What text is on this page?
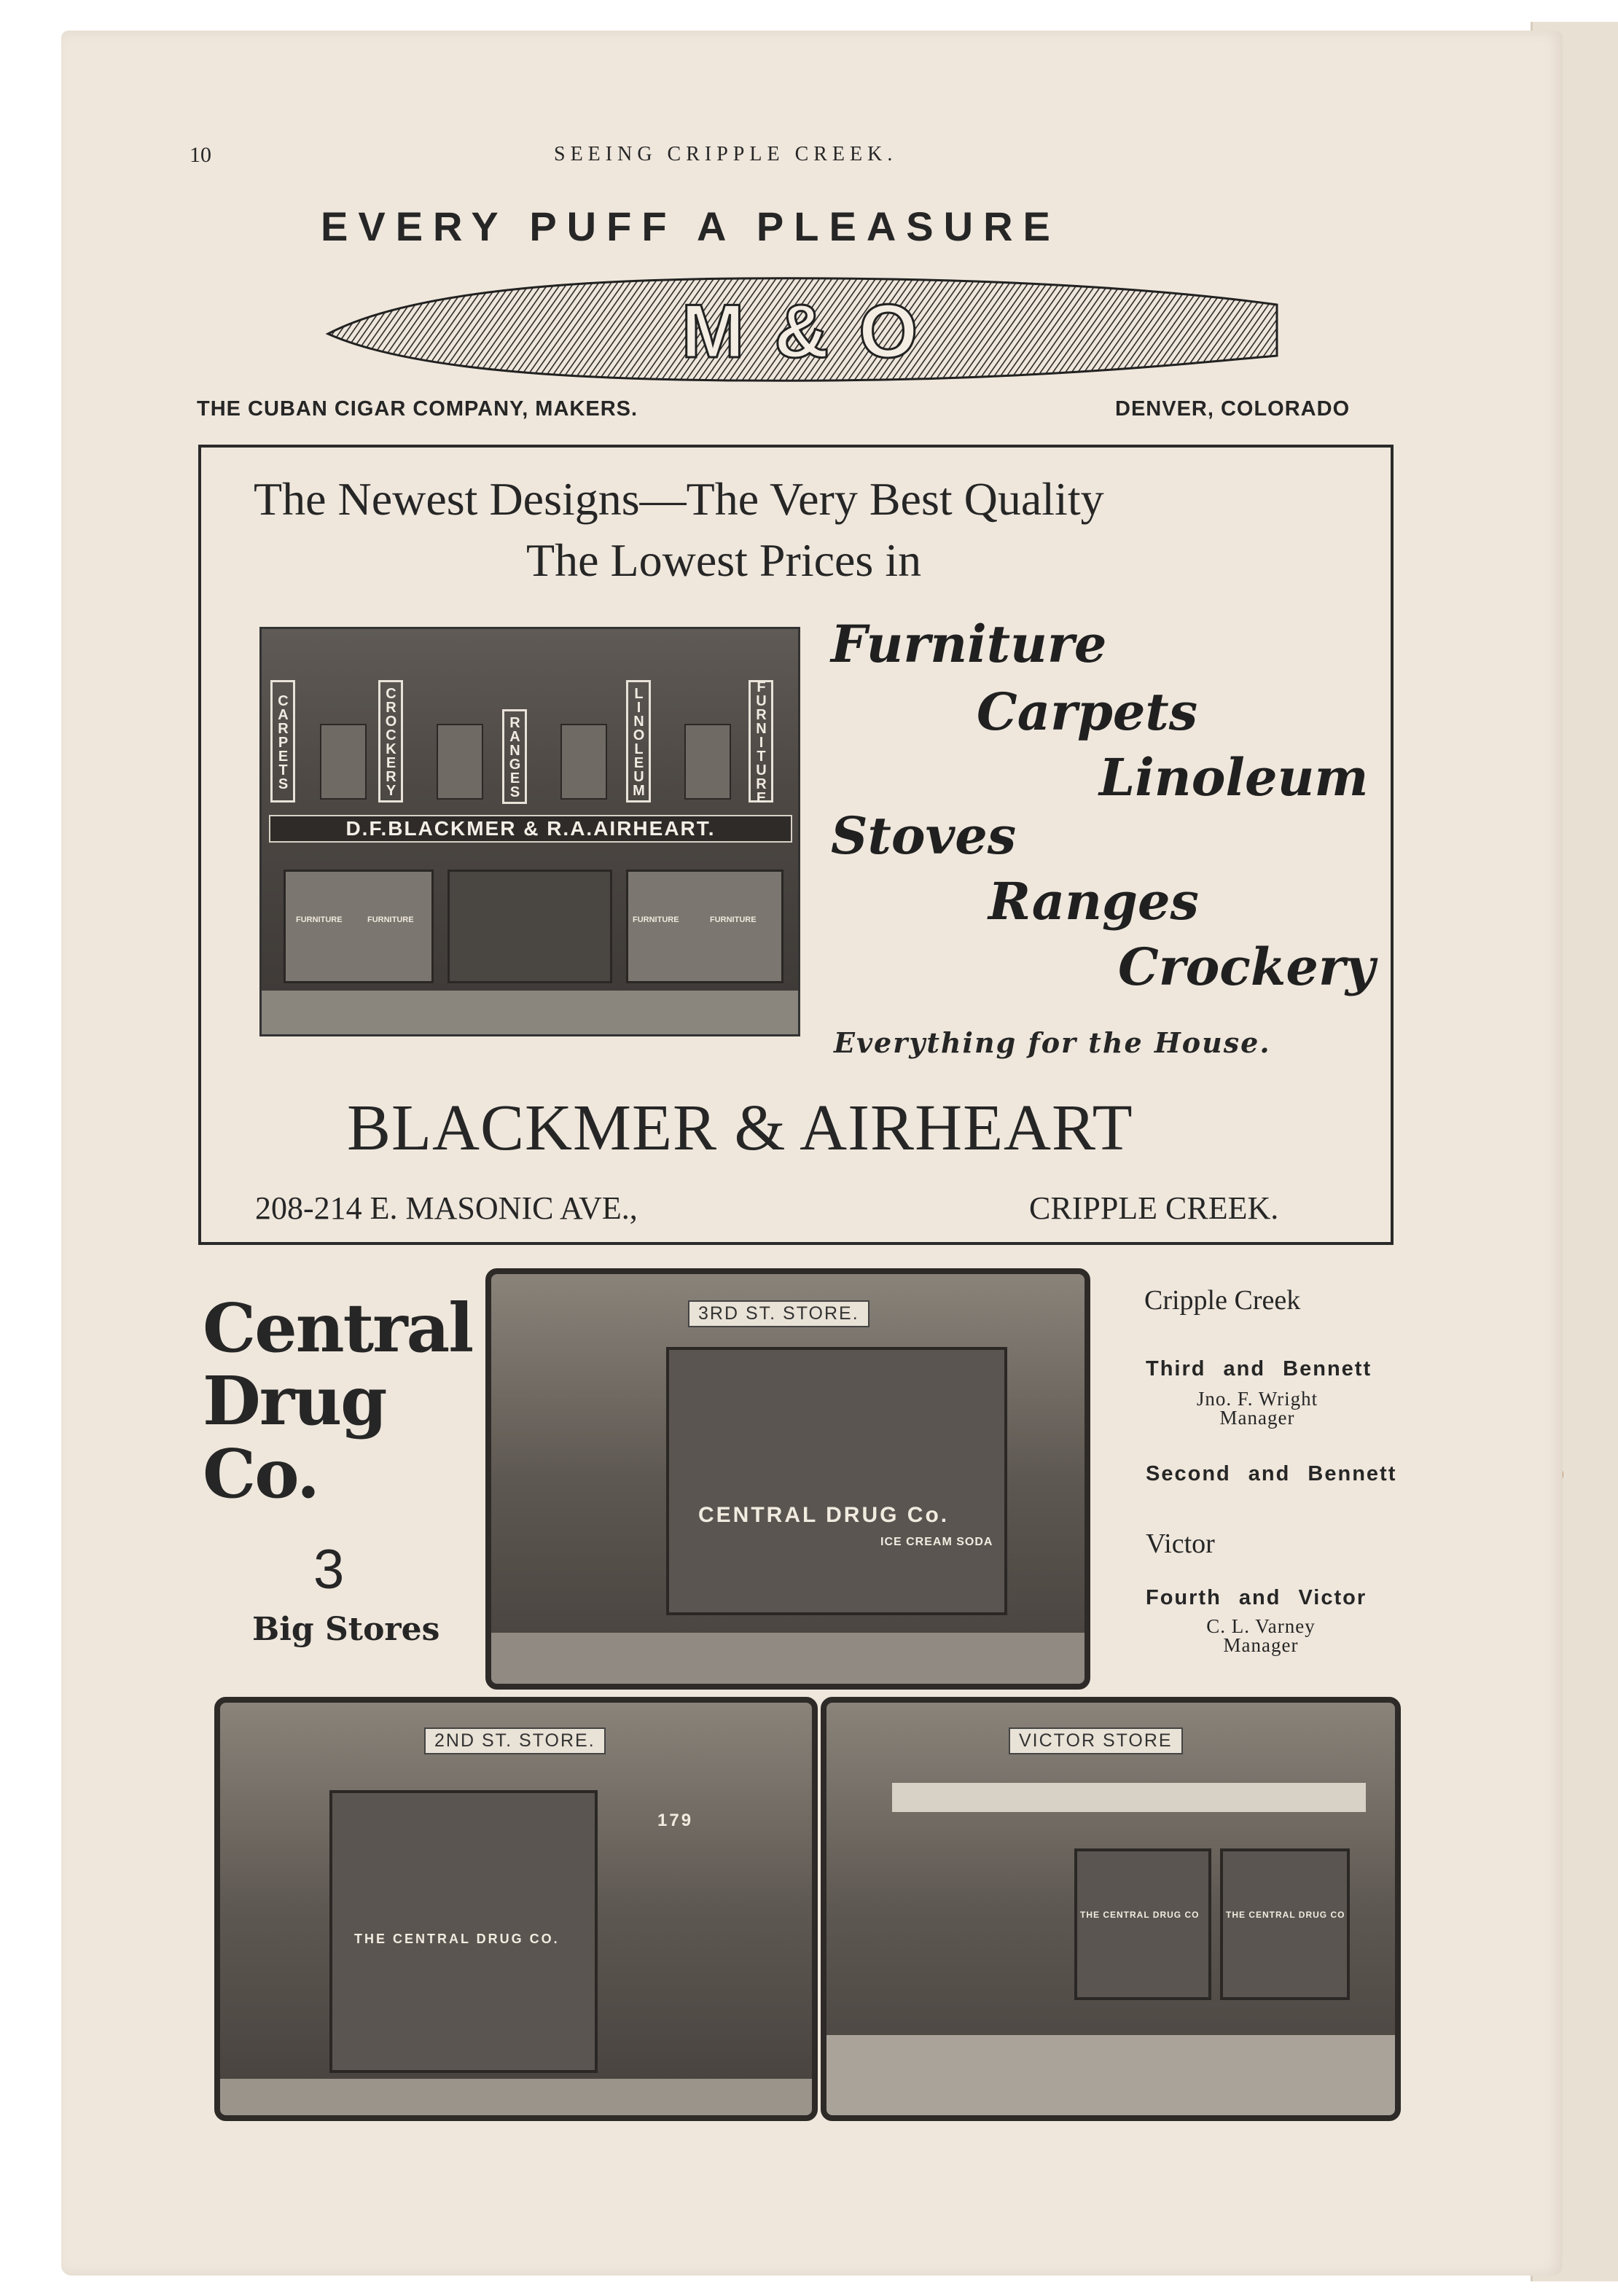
10	SEEING CRIPPLE CREEK.
EVERY PUFF A PLEASURE
M & O
THE CUBAN CIGAR COMPANY, MAKERS.	DENVER, COLORADO
The Newest Designs—The Very Best Quality
The Lowest Prices in
CARPETS	CROCKERY	RANGES	LINOLEUM	FURNITURE
D.F.BLACKMER & R.A.AIRHEART.
FURNITURE	FURNITURE	FURNITURE	FURNITURE
Furniture
Carpets
Linoleum
Stoves
Ranges
Crockery
Everything for the House.
BLACKMER & AIRHEART
208-214 E. MASONIC AVE.,	CRIPPLE CREEK.
Central
Drug
Co.
3
Big Stores
3RD ST. STORE.
CENTRAL DRUG Co.
ICE CREAM SODA
2ND ST. STORE.
THE CENTRAL DRUG CO.
179
VICTOR STORE
THE CENTRAL DRUG CO	THE CENTRAL DRUG CO
Cripple Creek
Third and Bennett
Jno. F. Wright
Manager
Second and Bennett
Victor
Fourth and Victor
C. L. Varney
Manager
